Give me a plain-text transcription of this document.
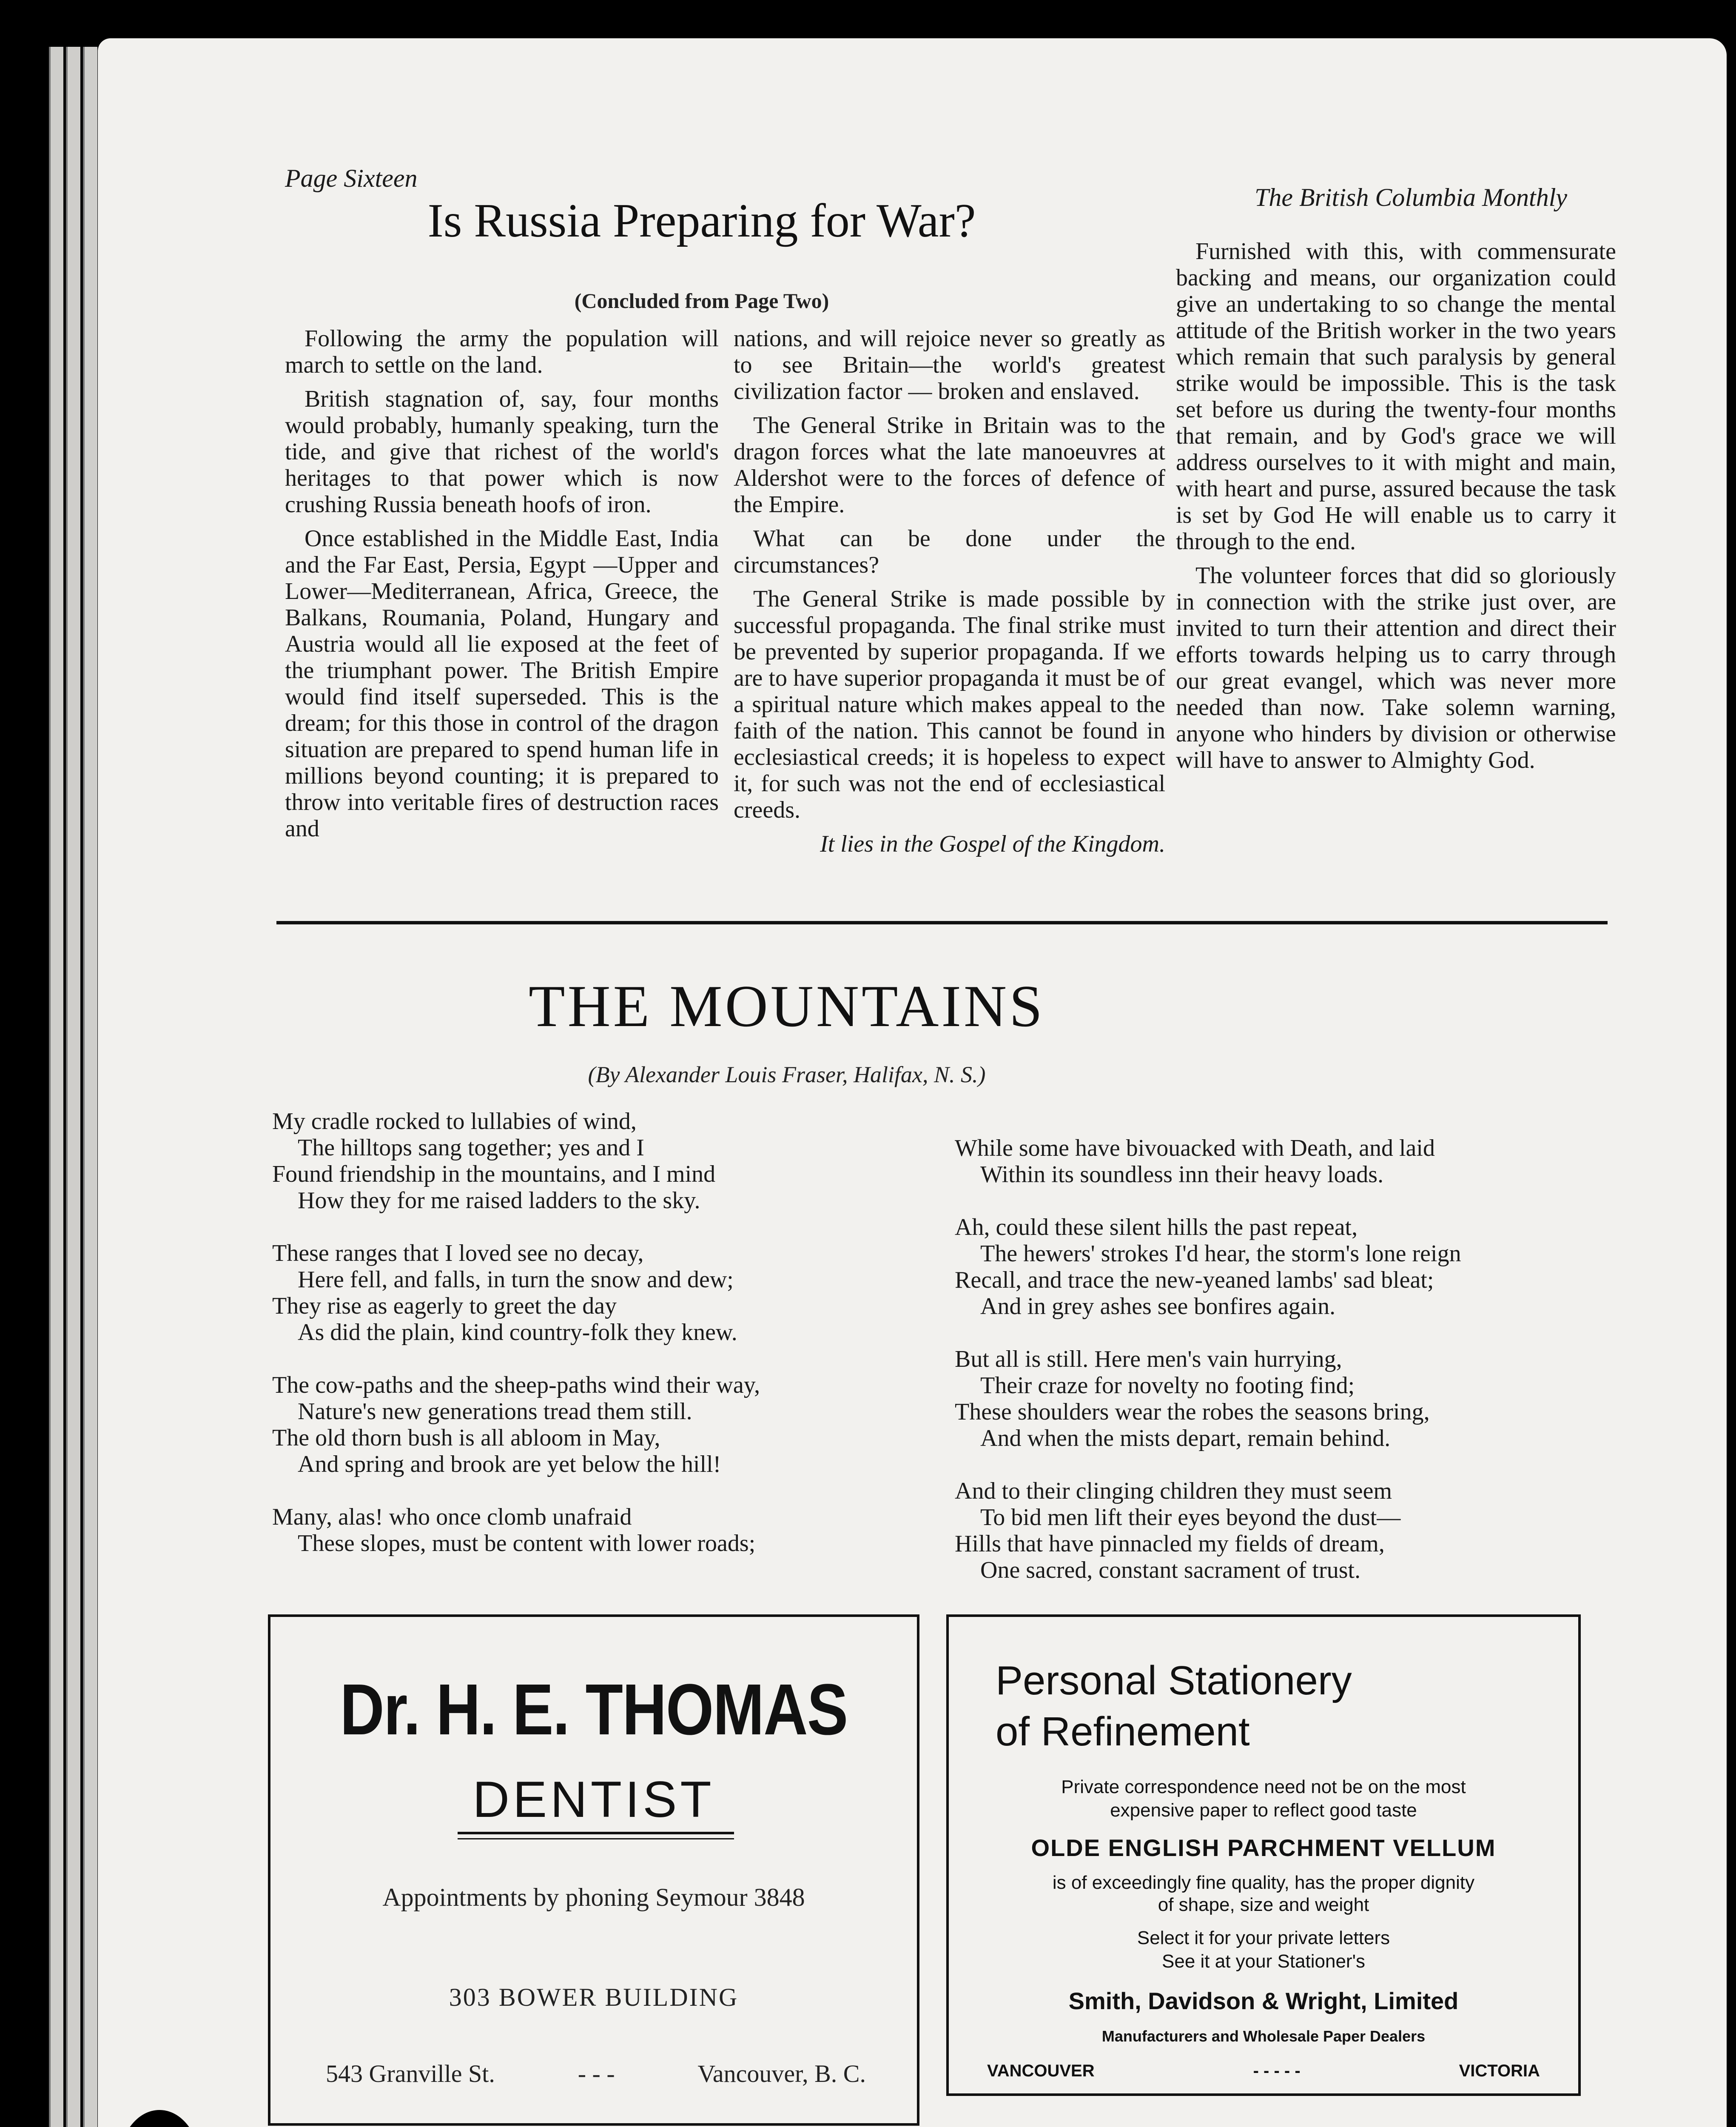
Page Sixteen
The British Columbia Monthly
Is Russia Preparing for War?
(Concluded from Page Two)

Following the army the population will march to settle on the land.

British stagnation of, say, four months would probably, humanly speaking, turn the tide, and give that richest of the world's heritages to that power which is now crushing Russia beneath hoofs of iron.

Once established in the Middle East, India and the Far East, Persia, Egypt —Upper and Lower—Mediterranean, Africa, Greece, the Balkans, Roumania, Poland, Hungary and Austria would all lie exposed at the feet of the triumphant power. The British Empire would find itself superseded. This is the dream; for this those in control of the dragon situation are prepared to spend human life in millions beyond counting; it is prepared to throw into veritable fires of destruction races and

nations, and will rejoice never so greatly as to see Britain—the world's greatest civilization factor — broken and enslaved.

The General Strike in Britain was to the dragon forces what the late manoeuvres at Aldershot were to the forces of defence of the Empire.

What can be done under the circumstances?

The General Strike is made possible by successful propaganda. The final strike must be prevented by superior propaganda. If we are to have superior propaganda it must be of a spiritual nature which makes appeal to the faith of the nation. This cannot be found in ecclesiastical creeds; it is hopeless to expect it, for such was not the end of ecclesiastical creeds.

It lies in the Gospel of the Kingdom.

Furnished with this, with commensurate backing and means, our organization could give an undertaking to so change the mental attitude of the British worker in the two years which remain that such paralysis by general strike would be impossible. This is the task set before us during the twenty-four months that remain, and by God's grace we will address ourselves to it with might and main, with heart and purse, assured because the task is set by God He will enable us to carry it through to the end.

The volunteer forces that did so gloriously in connection with the strike just over, are invited to turn their attention and direct their efforts towards helping us to carry through our great evangel, which was never more needed than now. Take solemn warning, anyone who hinders by division or otherwise will have to answer to Almighty God.

THE MOUNTAINS
(By Alexander Louis Fraser, Halifax, N. S.)
My cradle rocked to lullabies of wind,
The hilltops sang together; yes and I
Found friendship in the mountains, and I mind
How they for me raised ladders to the sky.
These ranges that I loved see no decay,
Here fell, and falls, in turn the snow and dew;
They rise as eagerly to greet the day
As did the plain, kind country-folk they knew.
The cow-paths and the sheep-paths wind their way,
Nature's new generations tread them still.
The old thorn bush is all abloom in May,
And spring and brook are yet below the hill!
Many, alas! who once clomb unafraid
These slopes, must be content with lower roads;
While some have bivouacked with Death, and laid
Within its soundless inn their heavy loads.
Ah, could these silent hills the past repeat,
The hewers' strokes I'd hear, the storm's lone reign
Recall, and trace the new-yeaned lambs' sad bleat;
And in grey ashes see bonfires again.
But all is still. Here men's vain hurrying,
Their craze for novelty no footing find;
These shoulders wear the robes the seasons bring,
And when the mists depart, remain behind.
And to their clinging children they must seem
To bid men lift their eyes beyond the dust—
Hills that have pinnacled my fields of dream,
One sacred, constant sacrament of trust.
Dr. H. E. THOMAS
DENTIST
Appointments by phoning Seymour 3848
303 BOWER BUILDING
543 Granville St.	- - -	Vancouver, B. C.
Personal Stationery
of Refinement
Private correspondence need not be on the most
expensive paper to reflect good taste
OLDE ENGLISH PARCHMENT VELLUM
is of exceedingly fine quality, has the proper dignity
of shape, size and weight
Select it for your private letters
See it at your Stationer's
Smith, Davidson & Wright, Limited
Manufacturers and Wholesale Paper Dealers
VANCOUVER	- - - - -	VICTORIA
